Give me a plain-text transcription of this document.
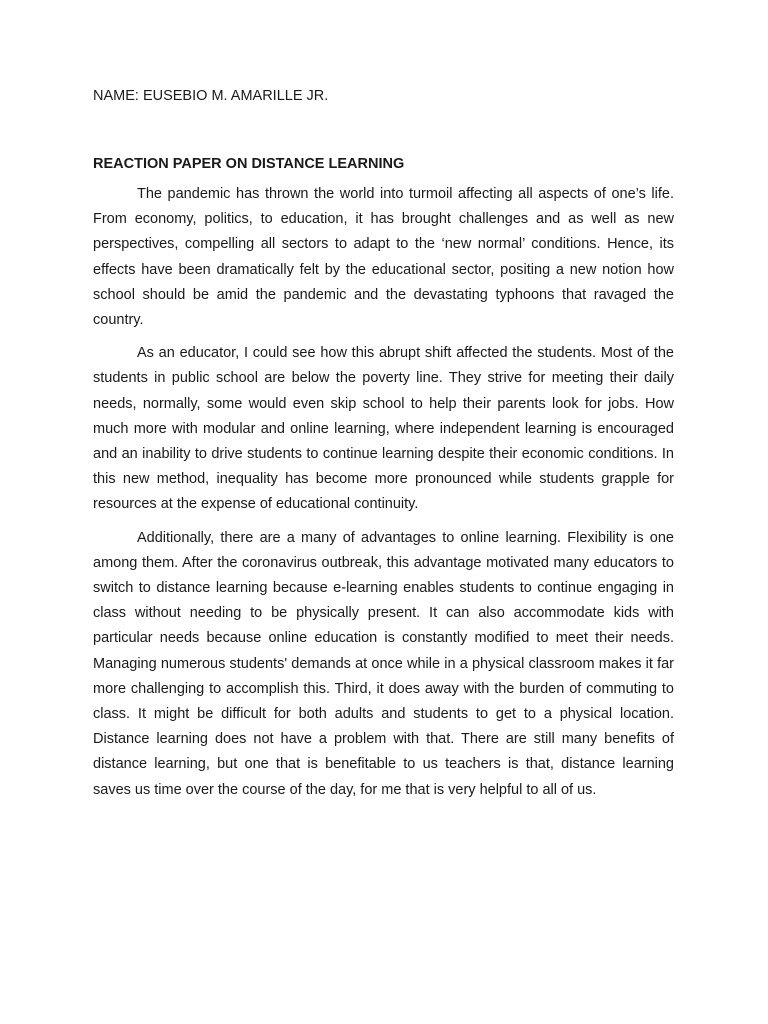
NAME: EUSEBIO M. AMARILLE JR.

REACTION PAPER ON DISTANCE LEARNING

The pandemic has thrown the world into turmoil affecting all aspects of one’s life. From economy, politics, to education, it has brought challenges and as well as new perspectives, compelling all sectors to adapt to the ‘new normal’ conditions. Hence, its effects have been dramatically felt by the educational sector, positing a new notion how school should be amid the pandemic and the devastating typhoons that ravaged the country.

As an educator, I could see how this abrupt shift affected the students. Most of the students in public school are below the poverty line. They strive for meeting their daily needs, normally, some would even skip school to help their parents look for jobs. How much more with modular and online learning, where independent learning is encouraged and an inability to drive students to continue learning despite their economic conditions. In this new method, inequality has become more pronounced while students grapple for resources at the expense of educational continuity.

Additionally, there are a many of advantages to online learning. Flexibility is one among them. After the coronavirus outbreak, this advantage motivated many educators to switch to distance learning because e-learning enables students to continue engaging in class without needing to be physically present. It can also accommodate kids with particular needs because online education is constantly modified to meet their needs. Managing numerous students' demands at once while in a physical classroom makes it far more challenging to accomplish this. Third, it does away with the burden of commuting to class. It might be difficult for both adults and students to get to a physical location. Distance learning does not have a problem with that. There are still many benefits of distance learning, but one that is benefitable to us teachers is that, distance learning saves us time over the course of the day, for me that is very helpful to all of us.
